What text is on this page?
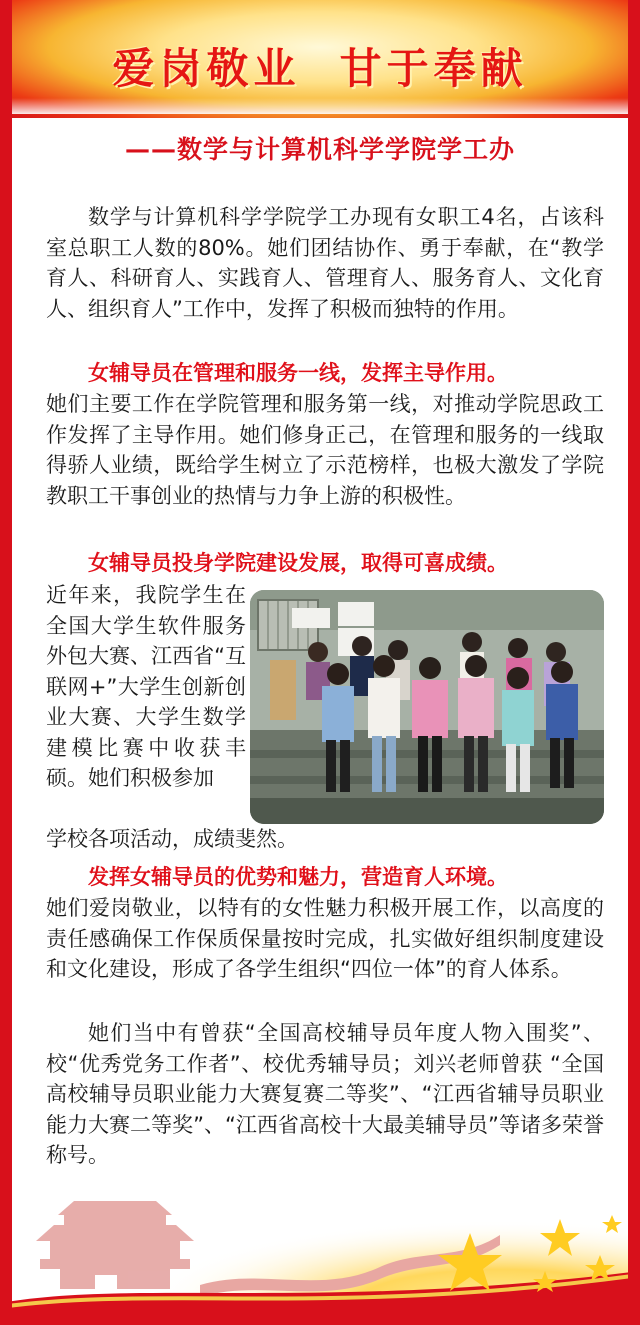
爱岗敬业  甘于奉献
——数学与计算机科学学院学工办
数学与计算机科学学院学工办现有女职工4名，占该科室总职工人数的80%。她们团结协作、勇于奉献，在“教学育人、科研育人、实践育人、管理育人、服务育人、文化育人、组织育人”工作中，发挥了积极而独特的作用。
女辅导员在管理和服务一线，发挥主导作用。
她们主要工作在学院管理和服务第一线，对推动学院思政工作发挥了主导作用。她们修身正己，在管理和服务的一线取得骄人业绩，既给学生树立了示范榜样，也极大激发了学院教职工干事创业的热情与力争上游的积极性。
女辅导员投身学院建设发展，取得可喜成绩。
近年来，我院学生在全国大学生软件服务外包大赛、江西省“互联网+”大学生创新创业大赛、大学生数学建模比赛中收获丰硕。她们积极参加
学校各项活动，成绩斐然。
发挥女辅导员的优势和魅力，营造育人环境。
她们爱岗敬业，以特有的女性魅力积极开展工作，以高度的责任感确保工作保质保量按时完成，扎实做好组织制度建设和文化建设，形成了各学生组织“四位一体”的育人体系。
她们当中有曾获“全国高校辅导员年度人物入围奖”、校“优秀党务工作者”、校优秀辅导员；刘兴老师曾获 “全国高校辅导员职业能力大赛复赛二等奖”、“江西省辅导员职业能力大赛二等奖”、“江西省高校十大最美辅导员”等诸多荣誉称号。
